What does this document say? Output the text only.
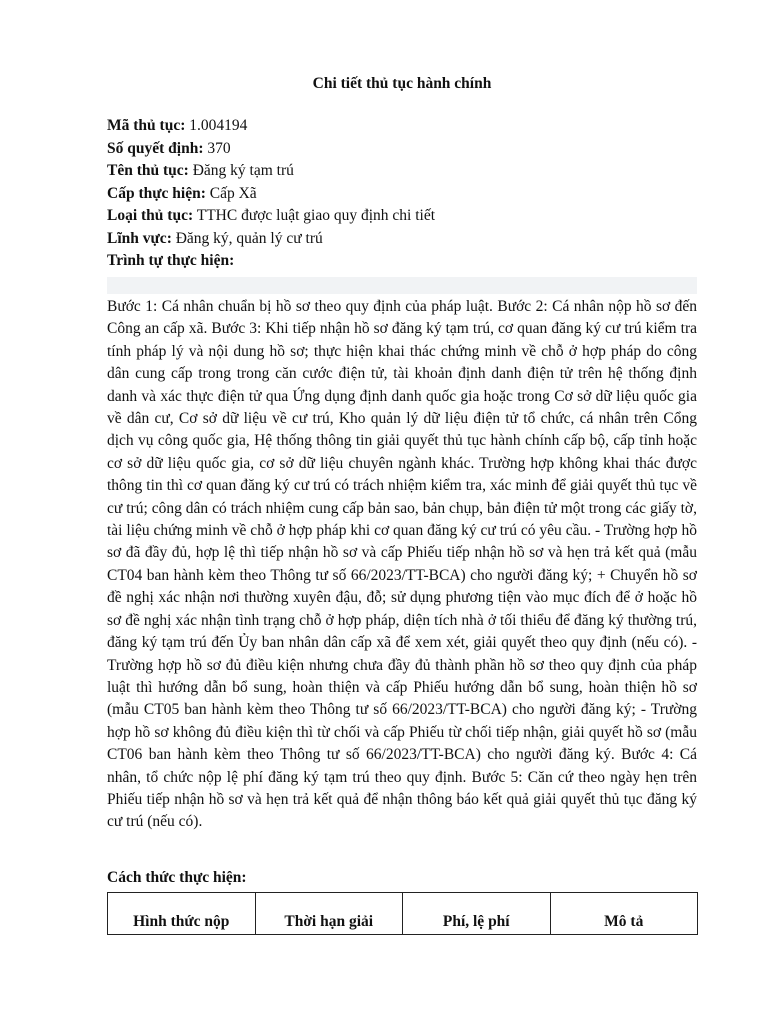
Chi tiết thủ tục hành chính
Mã thủ tục: 1.004194
Số quyết định: 370
Tên thủ tục: Đăng ký tạm trú
Cấp thực hiện: Cấp Xã
Loại thủ tục: TTHC được luật giao quy định chi tiết
Lĩnh vực: Đăng ký, quản lý cư trú
Trình tự thực hiện:
Bước 1: Cá nhân chuẩn bị hồ sơ theo quy định của pháp luật. Bước 2: Cá nhân nộp hồ sơ đến Công an cấp xã. Bước 3: Khi tiếp nhận hồ sơ đăng ký tạm trú, cơ quan đăng ký cư trú kiểm tra tính pháp lý và nội dung hồ sơ; thực hiện khai thác chứng minh về chỗ ở hợp pháp do công dân cung cấp trong trong căn cước điện tử, tài khoản định danh điện tử trên hệ thống định danh và xác thực điện tử qua Ứng dụng định danh quốc gia hoặc trong Cơ sở dữ liệu quốc gia về dân cư, Cơ sở dữ liệu về cư trú, Kho quản lý dữ liệu điện tử tổ chức, cá nhân trên Cổng dịch vụ công quốc gia, Hệ thống thông tin giải quyết thủ tục hành chính cấp bộ, cấp tỉnh hoặc cơ sở dữ liệu quốc gia, cơ sở dữ liệu chuyên ngành khác. Trường hợp không khai thác được thông tin thì cơ quan đăng ký cư trú có trách nhiệm kiểm tra, xác minh để giải quyết thủ tục về cư trú; công dân có trách nhiệm cung cấp bản sao, bản chụp, bản điện tử một trong các giấy tờ, tài liệu chứng minh về chỗ ở hợp pháp khi cơ quan đăng ký cư trú có yêu cầu. - Trường hợp hồ sơ đã đầy đủ, hợp lệ thì tiếp nhận hồ sơ và cấp Phiếu tiếp nhận hồ sơ và hẹn trả kết quả (mẫu CT04 ban hành kèm theo Thông tư số 66/2023/TT-BCA) cho người đăng ký; + Chuyển hồ sơ đề nghị xác nhận nơi thường xuyên đậu, đỗ; sử dụng phương tiện vào mục đích để ở hoặc hồ sơ đề nghị xác nhận tình trạng chỗ ở hợp pháp, diện tích nhà ở tối thiểu để đăng ký thường trú, đăng ký tạm trú đến Ủy ban nhân dân cấp xã để xem xét, giải quyết theo quy định (nếu có). - Trường hợp hồ sơ đủ điều kiện nhưng chưa đầy đủ thành phần hồ sơ theo quy định của pháp luật thì hướng dẫn bổ sung, hoàn thiện và cấp Phiếu hướng dẫn bổ sung, hoàn thiện hồ sơ (mẫu CT05 ban hành kèm theo Thông tư số 66/2023/TT-BCA) cho người đăng ký; - Trường hợp hồ sơ không đủ điều kiện thì từ chối và cấp Phiếu từ chối tiếp nhận, giải quyết hồ sơ (mẫu CT06 ban hành kèm theo Thông tư số 66/2023/TT-BCA) cho người đăng ký. Bước 4: Cá nhân, tổ chức nộp lệ phí đăng ký tạm trú theo quy định. Bước 5: Căn cứ theo ngày hẹn trên Phiếu tiếp nhận hồ sơ và hẹn trả kết quả để nhận thông báo kết quả giải quyết thủ tục đăng ký cư trú (nếu có).
Cách thức thực hiện:
Hình thức nộp	Thời hạn giải	Phí, lệ phí	Mô tả
